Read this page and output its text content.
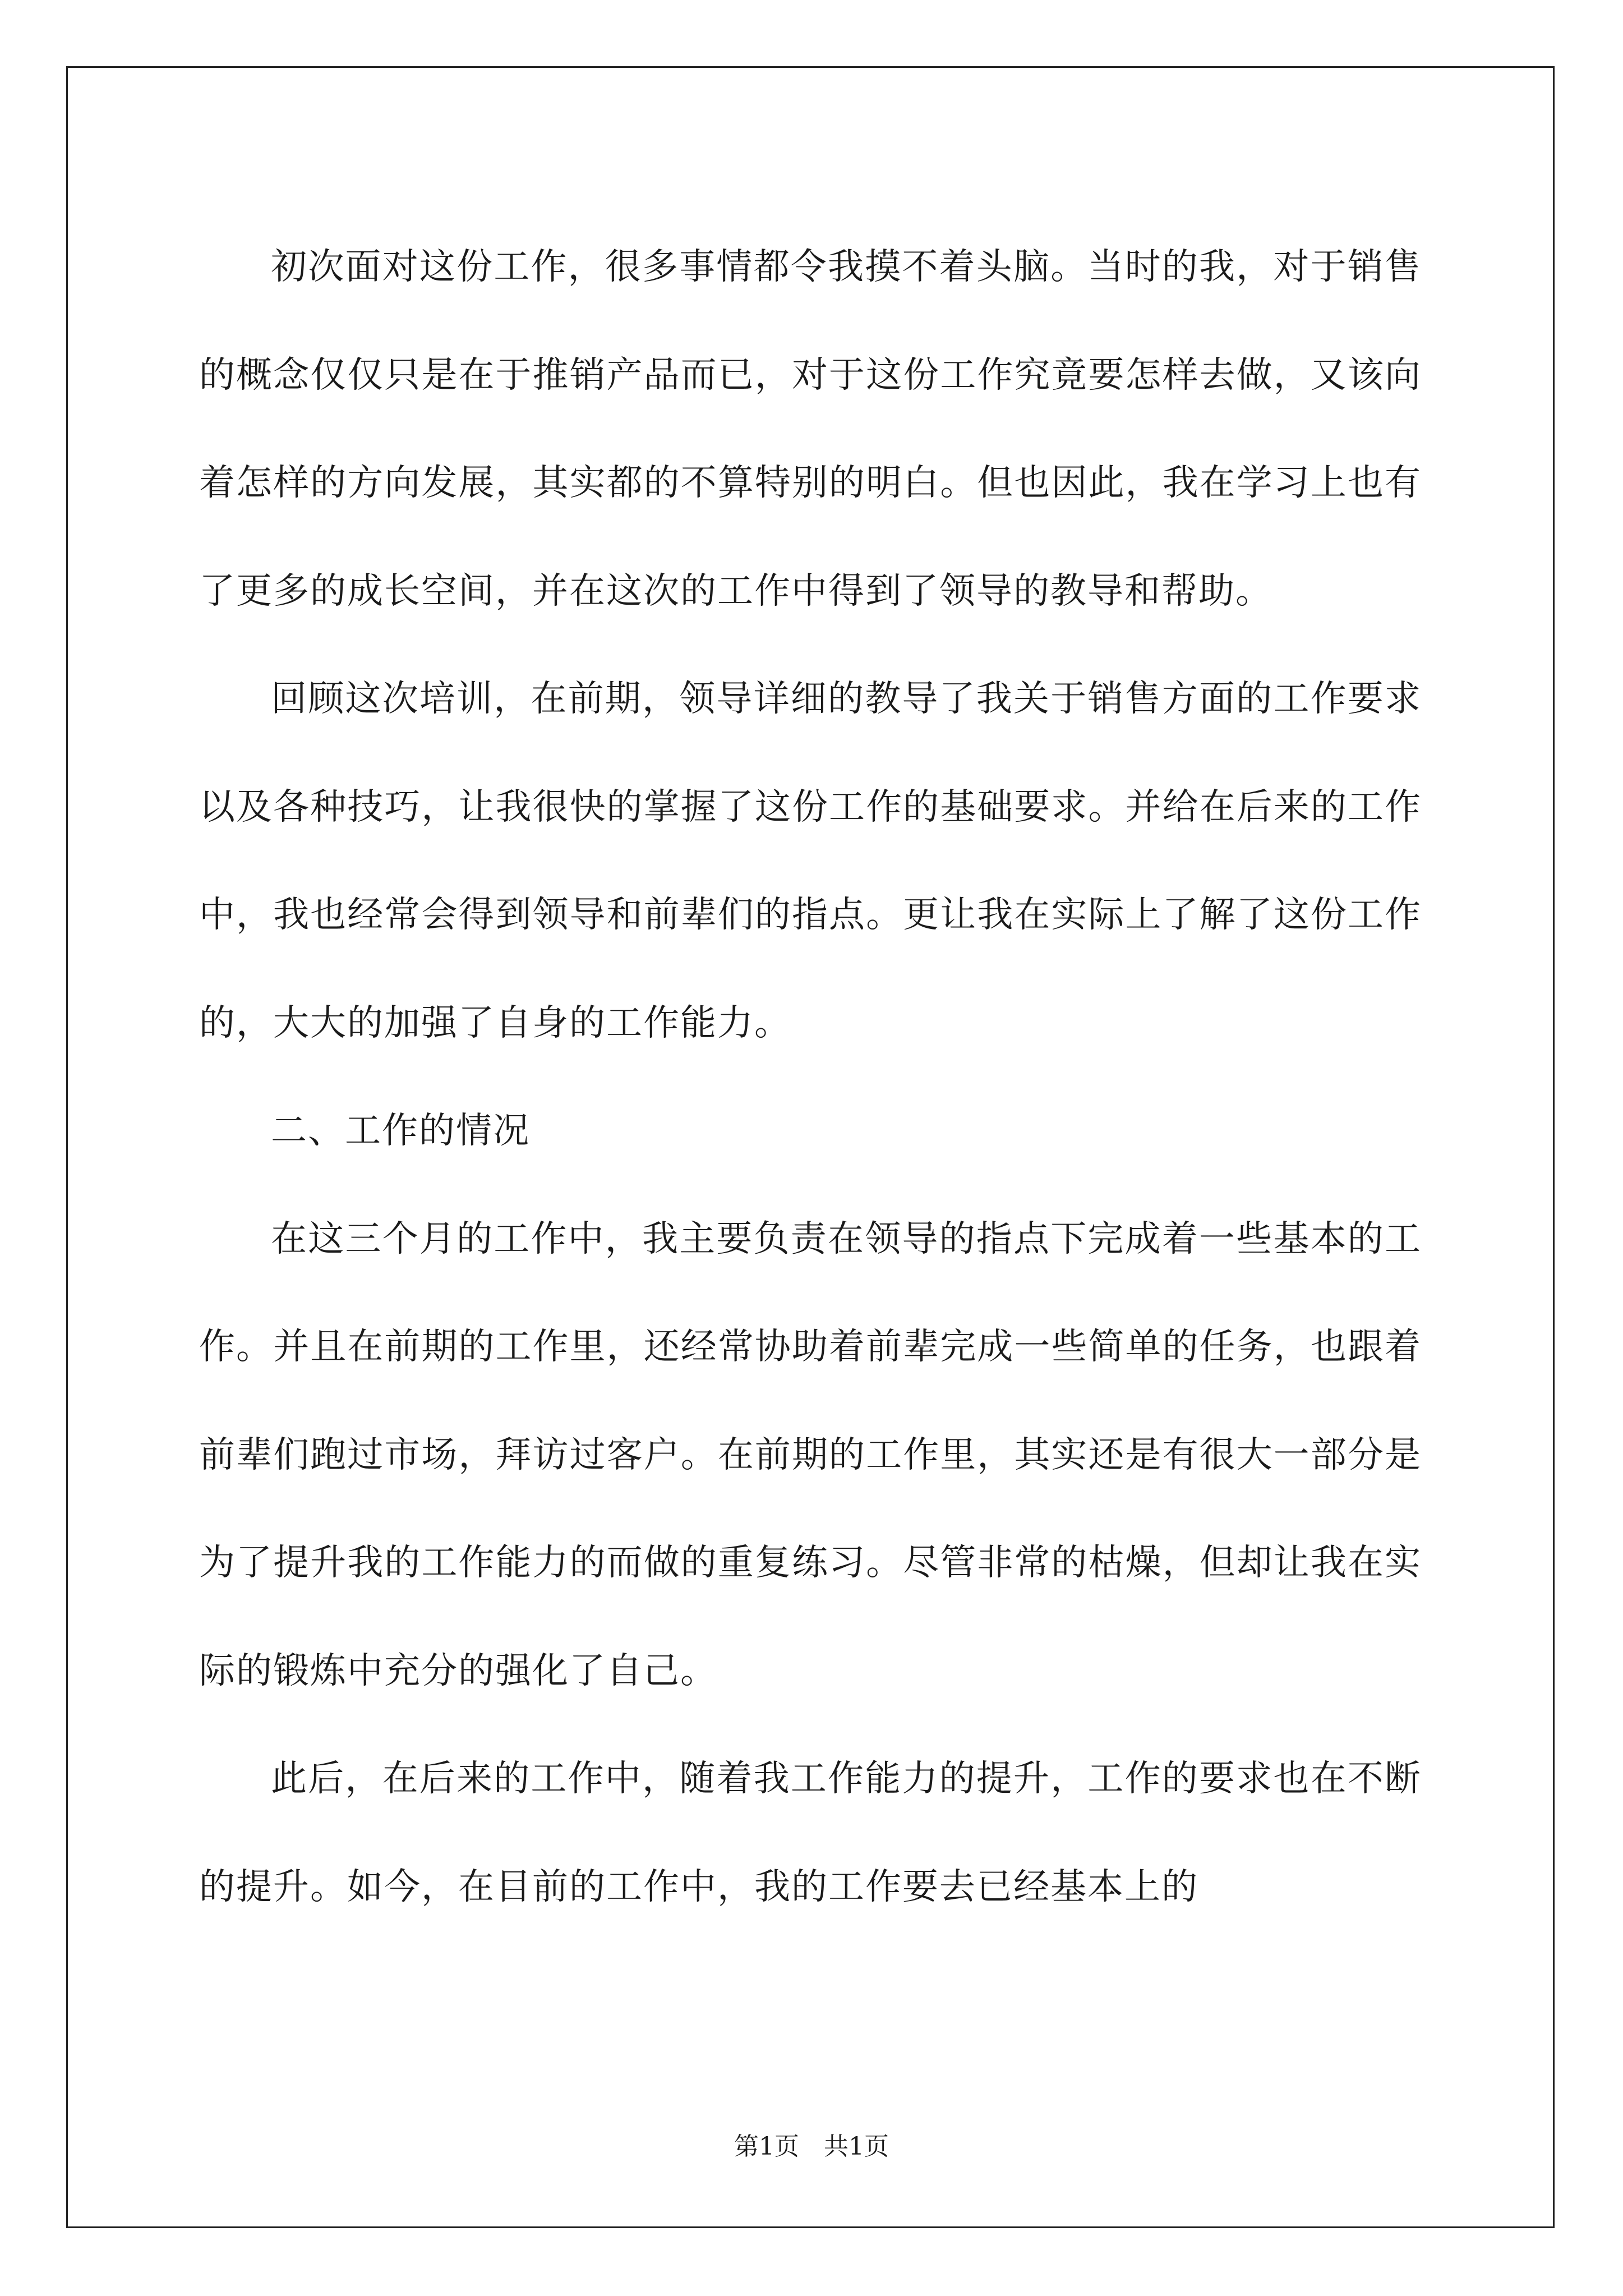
初次面对这份工作，很多事情都令我摸不着头脑。当时的我，对于销售的概念仅仅只是在于推销产品而已，对于这份工作究竟要怎样去做，又该向着怎样的方向发展，其实都的不算特别的明白。但也因此，我在学习上也有了更多的成长空间，并在这次的工作中得到了领导的教导和帮助。

回顾这次培训，在前期，领导详细的教导了我关于销售方面的工作要求以及各种技巧，让我很快的掌握了这份工作的基础要求。并给在后来的工作中，我也经常会得到领导和前辈们的指点。更让我在实际上了解了这份工作的，大大的加强了自身的工作能力。

二、工作的情况

在这三个月的工作中，我主要负责在领导的指点下完成着一些基本的工作。并且在前期的工作里，还经常协助着前辈完成一些简单的任务，也跟着前辈们跑过市场，拜访过客户。在前期的工作里，其实还是有很大一部分是为了提升我的工作能力的而做的重复练习。尽管非常的枯燥，但却让我在实际的锻炼中充分的强化了自己。

此后，在后来的工作中，随着我工作能力的提升，工作的要求也在不断的提升。如今，在目前的工作中，我的工作要去已经基本上的

第1页　共1页
